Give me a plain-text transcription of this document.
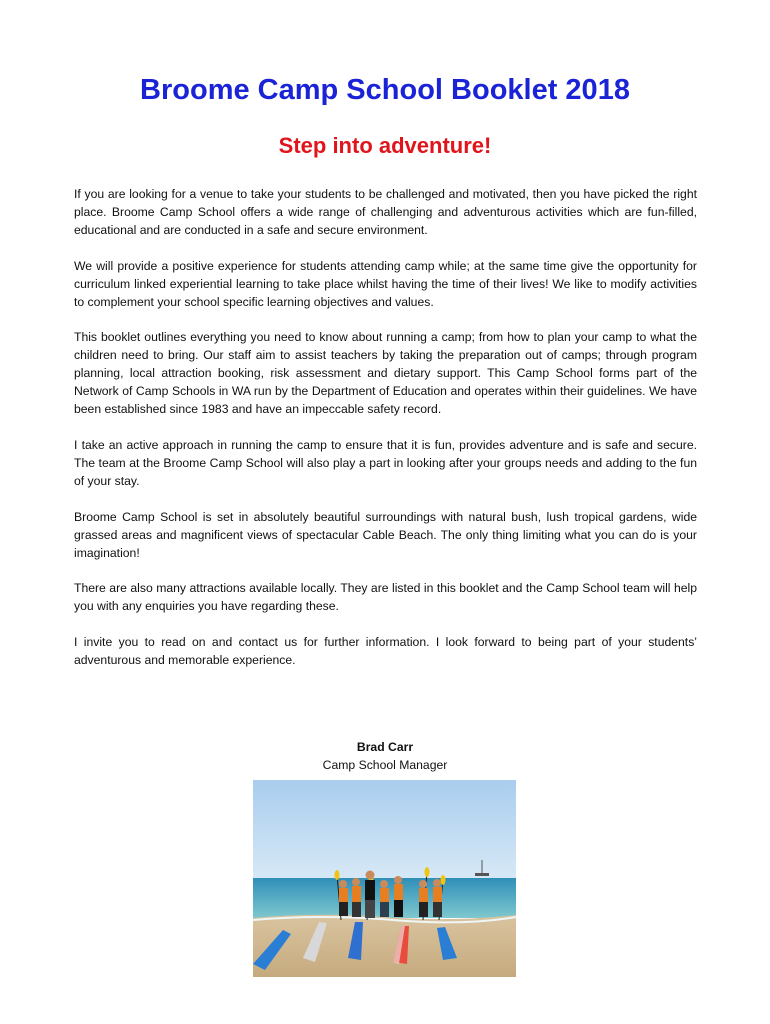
Broome Camp School Booklet 2018
Step into adventure!

If you are looking for a venue to take your students to be challenged and motivated, then you have picked the right place. Broome Camp School offers a wide range of challenging and adventurous activities which are fun-filled, educational and are conducted in a safe and secure environment.

We will provide a positive experience for students attending camp while; at the same time give the opportunity for curriculum linked experiential learning to take place whilst having the time of their lives! We like to modify activities to complement your school specific learning objectives and values.

This booklet outlines everything you need to know about running a camp; from how to plan your camp to what the children need to bring. Our staff aim to assist teachers by taking the preparation out of camps; through program planning, local attraction booking, risk assessment and dietary support. This Camp School forms part of the Network of Camp Schools in WA run by the Department of Education and operates within their guidelines. We have been established since 1983 and have an impeccable safety record.

I take an active approach in running the camp to ensure that it is fun, provides adventure and is safe and secure. The team at the Broome Camp School will also play a part in looking after your groups needs and adding to the fun of your stay.

Broome Camp School is set in absolutely beautiful surroundings with natural bush, lush tropical gardens, wide grassed areas and magnificent views of spectacular Cable Beach. The only thing limiting what you can do is your imagination!

There are also many attractions available locally. They are listed in this booklet and the Camp School team will help you with any enquiries you have regarding these.

I invite you to read on and contact us for further information. I look forward to being part of your students’ adventurous and memorable experience.

Brad Carr
Camp School Manager
